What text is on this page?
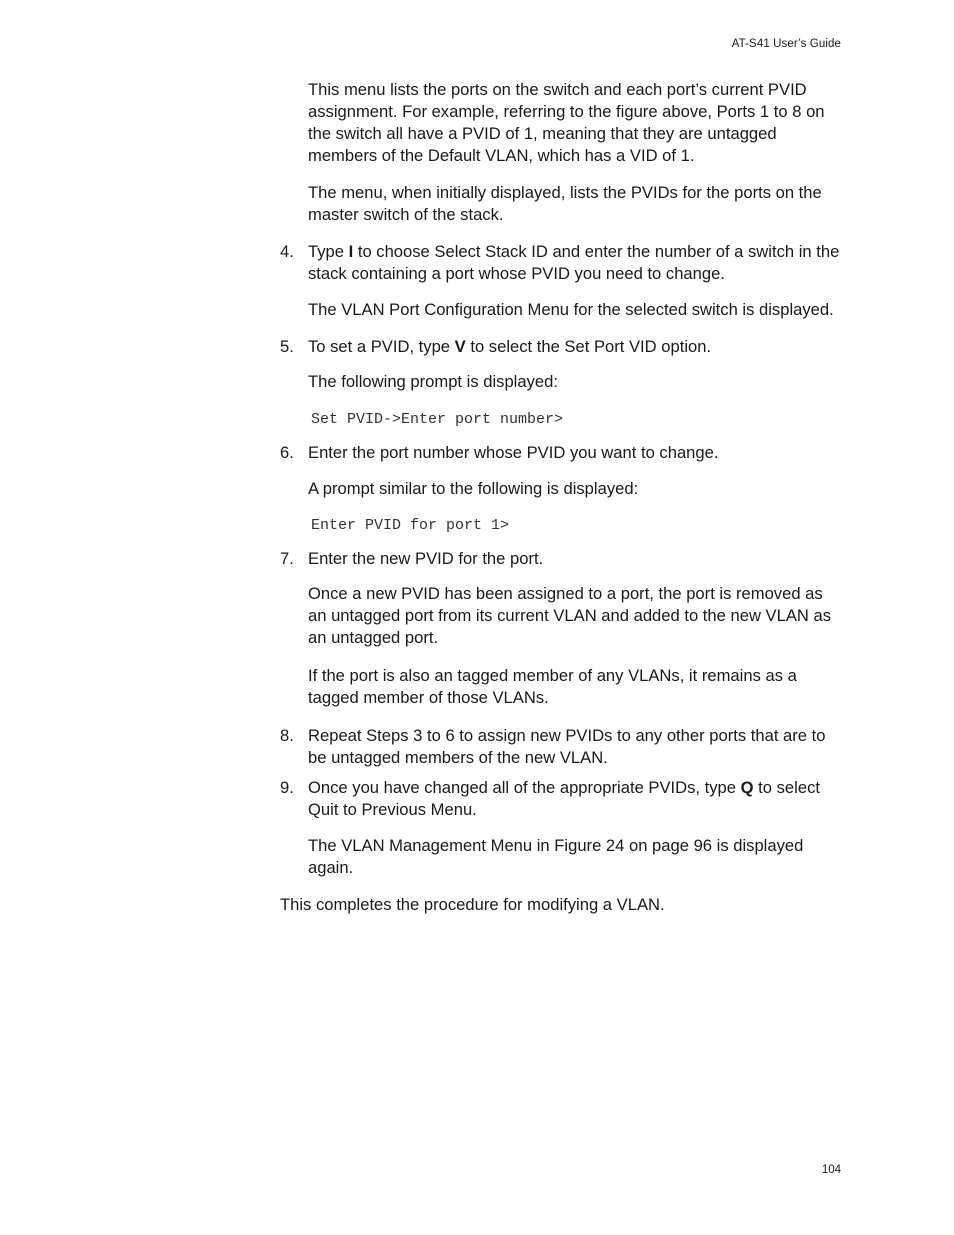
AT-S41 User’s Guide

This menu lists the ports on the switch and each port’s current PVID assignment. For example, referring to the figure above, Ports 1 to 8 on the switch all have a PVID of 1, meaning that they are untagged members of the Default VLAN, which has a VID of 1.

The menu, when initially displayed, lists the PVIDs for the ports on the master switch of the stack.

4. Type I to choose Select Stack ID and enter the number of a switch in the stack containing a port whose PVID you need to change.

The VLAN Port Configuration Menu for the selected switch is displayed.

5. To set a PVID, type V to select the Set Port VID option.

The following prompt is displayed:

Set PVID->Enter port number>
6. Enter the port number whose PVID you want to change.

A prompt similar to the following is displayed:

Enter PVID for port 1>
7. Enter the new PVID for the port.

Once a new PVID has been assigned to a port, the port is removed as an untagged port from its current VLAN and added to the new VLAN as an untagged port.

If the port is also an tagged member of any VLANs, it remains as a tagged member of those VLANs.

8. Repeat Steps 3 to 6 to assign new PVIDs to any other ports that are to be untagged members of the new VLAN.
9. Once you have changed all of the appropriate PVIDs, type Q to select Quit to Previous Menu.

The VLAN Management Menu in Figure 24 on page 96 is displayed again.

This completes the procedure for modifying a VLAN.

104
